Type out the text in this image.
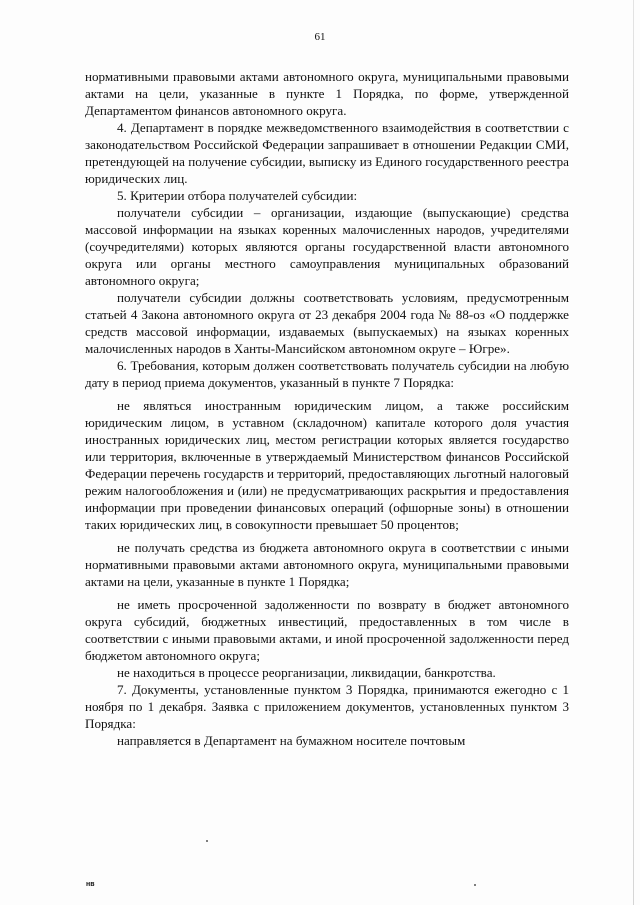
61

нормативными правовыми актами автономного округа, муниципальными правовыми актами на цели, указанные в пункте 1 Порядка, по форме, утвержденной Департаментом финансов автономного округа.

4. Департамент в порядке межведомственного взаимодействия в соответствии с законодательством Российской Федерации запрашивает в отношении Редакции СМИ, претендующей на получение субсидии, выписку из Единого государственного реестра юридических лиц.

5. Критерии отбора получателей субсидии:

получатели субсидии – организации, издающие (выпускающие) средства массовой информации на языках коренных малочисленных народов, учредителями (соучредителями) которых являются органы государственной власти автономного округа или органы местного самоуправления муниципальных образований автономного округа;

получатели субсидии должны соответствовать условиям, предусмотренным статьей 4 Закона автономного округа от 23 декабря 2004 года № 88-оз «О поддержке средств массовой информации, издаваемых (выпускаемых) на языках коренных малочисленных народов в Ханты-Мансийском автономном округе – Югре».

6. Требования, которым должен соответствовать получатель субсидии на любую дату в период приема документов, указанный в пункте 7 Порядка:

не являться иностранным юридическим лицом, а также российским юридическим лицом, в уставном (складочном) капитале которого доля участия иностранных юридических лиц, местом регистрации которых является государство или территория, включенные в утверждаемый Министерством финансов Российской Федерации перечень государств и территорий, предоставляющих льготный налоговый режим налогообложения и (или) не предусматривающих раскрытия и предоставления информации при проведении финансовых операций (офшорные зоны) в отношении таких юридических лиц, в совокупности превышает 50 процентов;

не получать средства из бюджета автономного округа в соответствии с иными нормативными правовыми актами автономного округа, муниципальными правовыми актами на цели, указанные в пункте 1 Порядка;

не иметь просроченной задолженности по возврату в бюджет автономного округа субсидий, бюджетных инвестиций, предоставленных в том числе в соответствии с иными правовыми актами, и иной просроченной задолженности перед бюджетом автономного округа;

не находиться в процессе реорганизации, ликвидации, банкротства.

7. Документы, установленные пунктом 3 Порядка, принимаются ежегодно с 1 ноября по 1 декабря. Заявка с приложением документов, установленных пунктом 3 Порядка:

направляется в Департамент на бумажном носителе почтовым

нв
